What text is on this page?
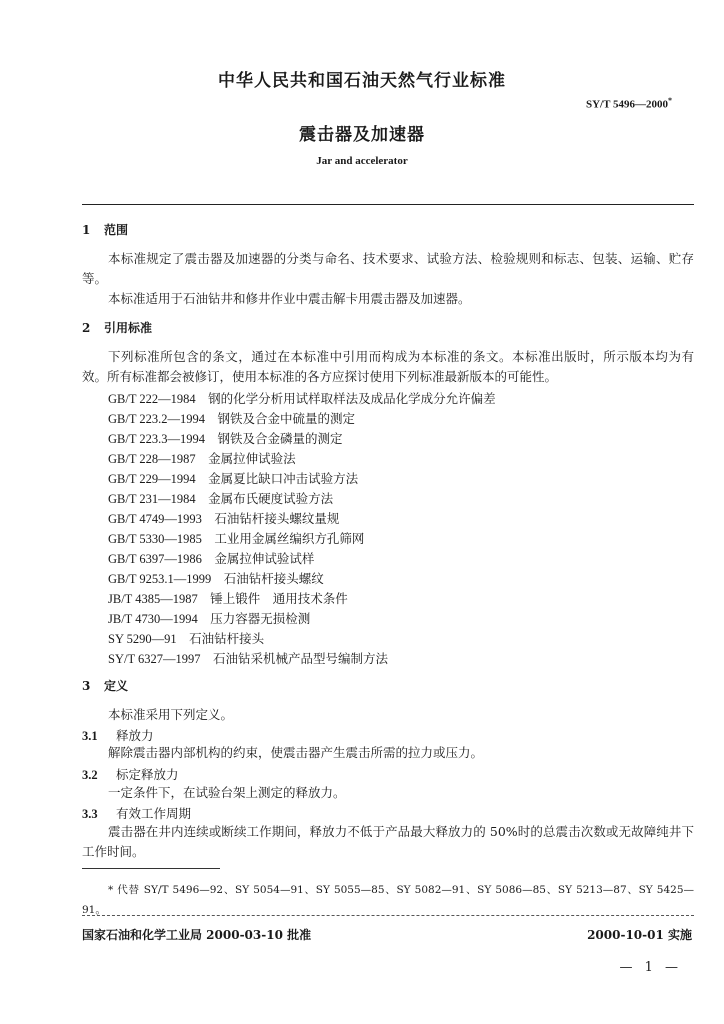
中华人民共和国石油天然气行业标准
SY/T 5496—2000*
震击器及加速器
Jar and accelerator
1 范围
本标准规定了震击器及加速器的分类与命名、技术要求、试验方法、检验规则和标志、包装、运输、贮存等。
本标准适用于石油钻井和修井作业中震击解卡用震击器及加速器。
2 引用标准
下列标准所包含的条文，通过在本标准中引用而构成为本标准的条文。本标准出版时，所示版本均为有效。所有标准都会被修订，使用本标准的各方应探讨使用下列标准最新版本的可能性。
GB/T 222—1984　 钢的化学分析用试样取样法及成品化学成分允许偏差
GB/T 223.2—1994　 钢铁及合金中硫量的测定
GB/T 223.3—1994　 钢铁及合金磷量的测定
GB/T 228—1987　 金属拉伸试验法
GB/T 229—1994　 金属夏比缺口冲击试验方法
GB/T 231—1984　 金属布氏硬度试验方法
GB/T 4749—1993　 石油钻杆接头螺纹量规
GB/T 5330—1985　 工业用金属丝编织方孔筛网
GB/T 6397—1986　 金属拉伸试验试样
GB/T 9253.1—1999　 石油钻杆接头螺纹
JB/T 4385—1987　 锤上锻件　通用技术条件
JB/T 4730—1994　 压力容器无损检测
SY 5290—91　 石油钻杆接头
SY/T 6327—1997　 石油钻采机械产品型号编制方法
3 定义
本标准采用下列定义。
3.1 释放力
解除震击器内部机构的约束，使震击器产生震击所需的拉力或压力。
3.2 标定释放力
一定条件下，在试验台架上测定的释放力。
3.3 有效工作周期
震击器在井内连续或断续工作期间，释放力不低于产品最大释放力的 50%时的总震击次数或无故障纯井下工作时间。
* 代替 SY/T 5496—92、SY 5054—91、SY 5055—85、SY 5082—91、SY 5086—85、SY 5213—87、SY 5425—91。
国家石油和化学工业局 2000-03-10 批准	2000-10-01 实施
— 1 —
